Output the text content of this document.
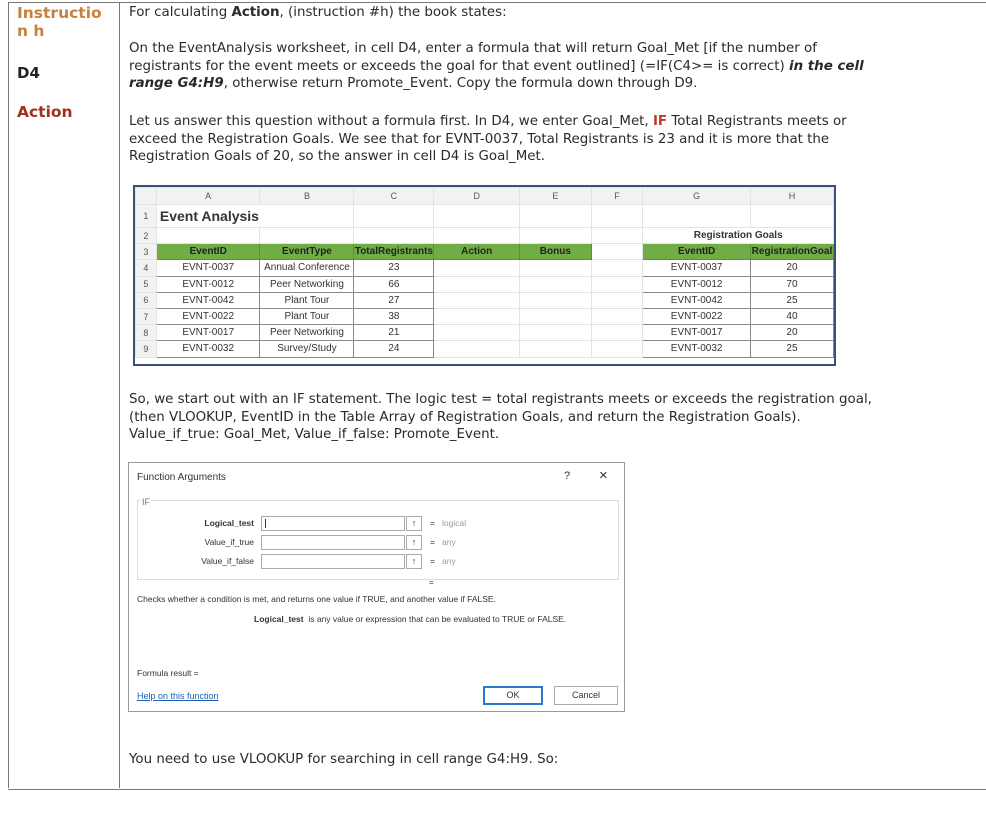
Instructio n h

D4
Action

For calculating Action, (instruction #h) the book states:

On the EventAnalysis worksheet, in cell D4, enter a formula that will return Goal_Met [if the number of
registrants for the event meets or exceeds the goal for that event outlined] (=IF(C4>= is correct) in the cell
range G4:H9, otherwise return Promote_Event. Copy the formula down through D9.

Let us answer this question without a formula first. In D4, we enter Goal_Met, IF Total Registrants meets or
exceed the Registration Goals. We see that for EVNT-0037, Total Registrants is 23 and it is more that the
Registration Goals of 20, so the answer in cell D4 is Goal_Met.

	A	B	C	D	E	F	G	H
1	Event Analysis							
2							Registration Goals	
3	EventID	EventType	TotalRegistrants	Action	Bonus		EventID	RegistrationGoal
4	EVNT-0037	Annual Conference	23				EVNT-0037	20
5	EVNT-0012	Peer Networking	66				EVNT-0012	70
6	EVNT-0042	Plant Tour	27				EVNT-0042	25
7	EVNT-0022	Plant Tour	38				EVNT-0022	40
8	EVNT-0017	Peer Networking	21				EVNT-0017	20
9	EVNT-0032	Survey/Study	24				EVNT-0032	25

So, we start out with an IF statement. The logic test = total registrants meets or exceeds the registration goal,
(then VLOOKUP, EventID in the Table Array of Registration Goals, and return the Registration Goals).
Value_if_true: Goal_Met, Value_if_false: Promote_Event.

Function Arguments	? ×
Logical_test	↑	= logical
Value_if_true	↑	= any
Value_if_false	↑	= any
IF
=
Checks whether a condition is met, and returns one value if TRUE, and another value if FALSE.
Logical_test is any value or expression that can be evaluated to TRUE or FALSE.
Formula result =
Help on this function	OK	Cancel

You need to use VLOOKUP for searching in cell range G4:H9. So:
